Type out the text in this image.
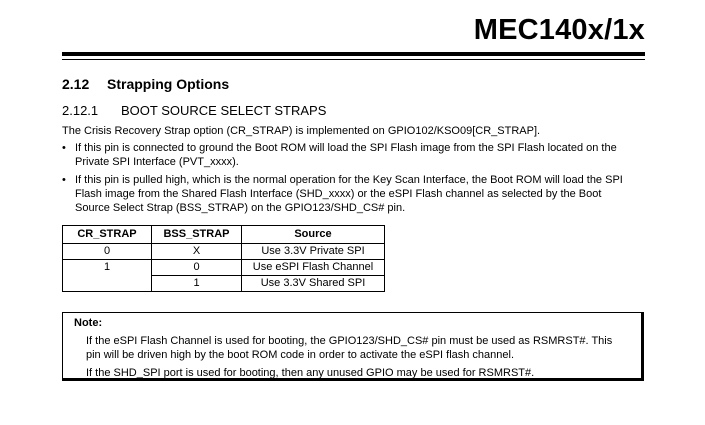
MEC140x/1x
2.12 Strapping Options
2.12.1 BOOT SOURCE SELECT STRAPS
The Crisis Recovery Strap option (CR_STRAP) is implemented on GPIO102/KSO09[CR_STRAP].
• If this pin is connected to ground the Boot ROM will load the SPI Flash image from the SPI Flash located on the
Private SPI Interface (PVT_xxxx).
• If this pin is pulled high, which is the normal operation for the Key Scan Interface, the Boot ROM will load the SPI
Flash image from the Shared Flash Interface (SHD_xxxx) or the eSPI Flash channel as selected by the Boot
Source Select Strap (BSS_STRAP) on the GPIO123/SHD_CS# pin.
CR_STRAP	BSS_STRAP	Source
0	X	Use 3.3V Private SPI
1	0	Use eSPI Flash Channel
	1	Use 3.3V Shared SPI
Note:
If the eSPI Flash Channel is used for booting, the GPIO123/SHD_CS# pin must be used as RSMRST#. This
pin will be driven high by the boot ROM code in order to activate the eSPI flash channel.
If the SHD_SPI port is used for booting, then any unused GPIO may be used for RSMRST#.
